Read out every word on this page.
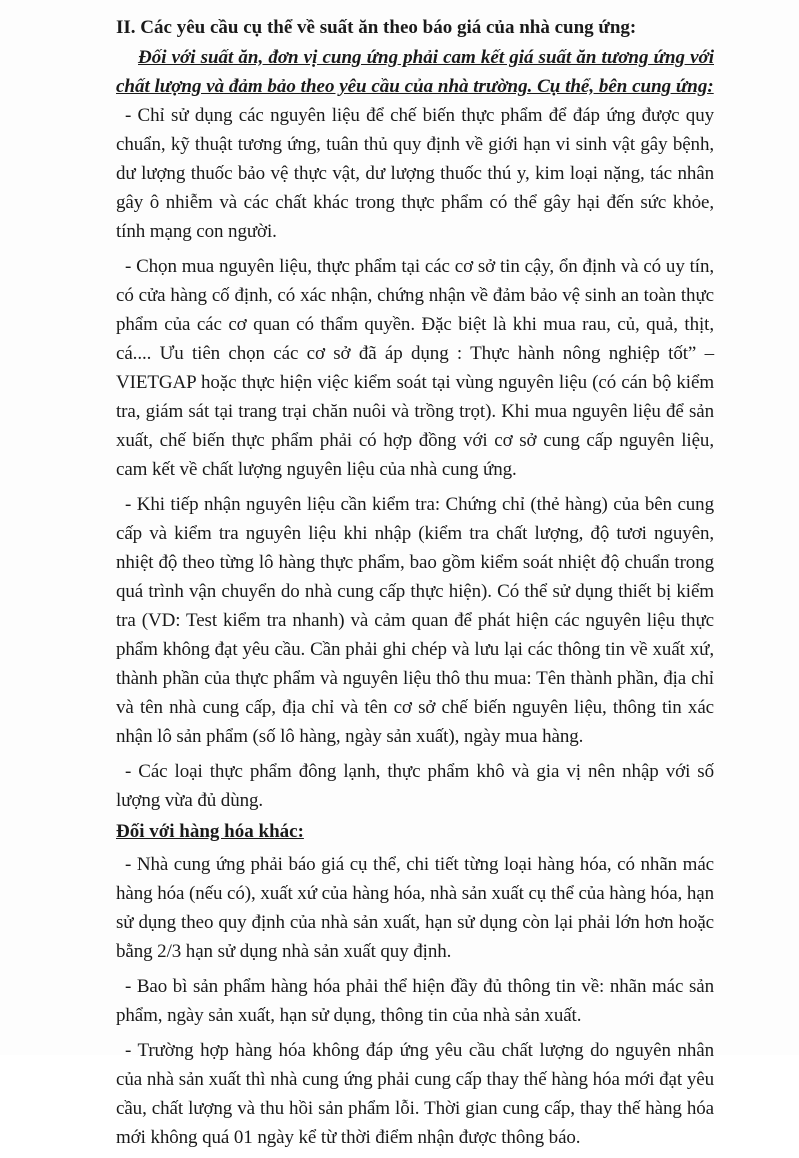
II. Các yêu cầu cụ thể về suất ăn theo báo giá của nhà cung ứng:

Đối với suất ăn, đơn vị cung ứng phải cam kết giá suất ăn tương ứng với chất lượng và đảm bảo theo yêu cầu của nhà trường. Cụ thể, bên cung ứng:

- Chỉ sử dụng các nguyên liệu để chế biến thực phẩm để đáp ứng được quy chuẩn, kỹ thuật tương ứng, tuân thủ quy định về giới hạn vi sinh vật gây bệnh, dư lượng thuốc bảo vệ thực vật, dư lượng thuốc thú y, kim loại nặng, tác nhân gây ô nhiễm và các chất khác trong thực phẩm có thể gây hại đến sức khỏe, tính mạng con người.

- Chọn mua nguyên liệu, thực phẩm tại các cơ sở tin cậy, ổn định và có uy tín, có cửa hàng cố định, có xác nhận, chứng nhận về đảm bảo vệ sinh an toàn thực phẩm của các cơ quan có thẩm quyền. Đặc biệt là khi mua rau, củ, quả, thịt, cá.... Ưu tiên chọn các cơ sở đã áp dụng : Thực hành nông nghiệp tốt” – VIETGAP hoặc thực hiện việc kiểm soát tại vùng nguyên liệu (có cán bộ kiểm tra, giám sát tại trang trại chăn nuôi và trồng trọt). Khi mua nguyên liệu để sản xuất, chế biến thực phẩm phải có hợp đồng với cơ sở cung cấp nguyên liệu, cam kết về chất lượng nguyên liệu của nhà cung ứng.

- Khi tiếp nhận nguyên liệu cần kiểm tra: Chứng chỉ (thẻ hàng) của bên cung cấp và kiểm tra nguyên liệu khi nhập (kiểm tra chất lượng, độ tươi nguyên, nhiệt độ theo từng lô hàng thực phẩm, bao gồm kiểm soát nhiệt độ chuẩn trong quá trình vận chuyển do nhà cung cấp thực hiện). Có thể sử dụng thiết bị kiểm tra (VD: Test kiểm tra nhanh) và cảm quan để phát hiện các nguyên liệu thực phẩm không đạt yêu cầu. Cần phải ghi chép và lưu lại các thông tin về xuất xứ, thành phần của thực phẩm và nguyên liệu thô thu mua: Tên thành phần, địa chỉ và tên nhà cung cấp, địa chỉ và tên cơ sở chế biến nguyên liệu, thông tin xác nhận lô sản phẩm (số lô hàng, ngày sản xuất), ngày mua hàng.

- Các loại thực phẩm đông lạnh, thực phẩm khô và gia vị nên nhập với số lượng vừa đủ dùng.

Đối với hàng hóa khác:

- Nhà cung ứng phải báo giá cụ thể, chi tiết từng loại hàng hóa, có nhãn mác hàng hóa (nếu có), xuất xứ của hàng hóa, nhà sản xuất cụ thể của hàng hóa, hạn sử dụng theo quy định của nhà sản xuất, hạn sử dụng còn lại phải lớn hơn hoặc bằng 2/3 hạn sử dụng nhà sản xuất quy định.

- Bao bì sản phẩm hàng hóa phải thể hiện đầy đủ thông tin về: nhãn mác sản phẩm, ngày sản xuất, hạn sử dụng, thông tin của nhà sản xuất.

- Trường hợp hàng hóa không đáp ứng yêu cầu chất lượng do nguyên nhân của nhà sản xuất thì nhà cung ứng phải cung cấp thay thế hàng hóa mới đạt yêu cầu, chất lượng và thu hồi sản phẩm lỗi. Thời gian cung cấp, thay thế hàng hóa mới không quá 01 ngày kể từ thời điểm nhận được thông báo.
